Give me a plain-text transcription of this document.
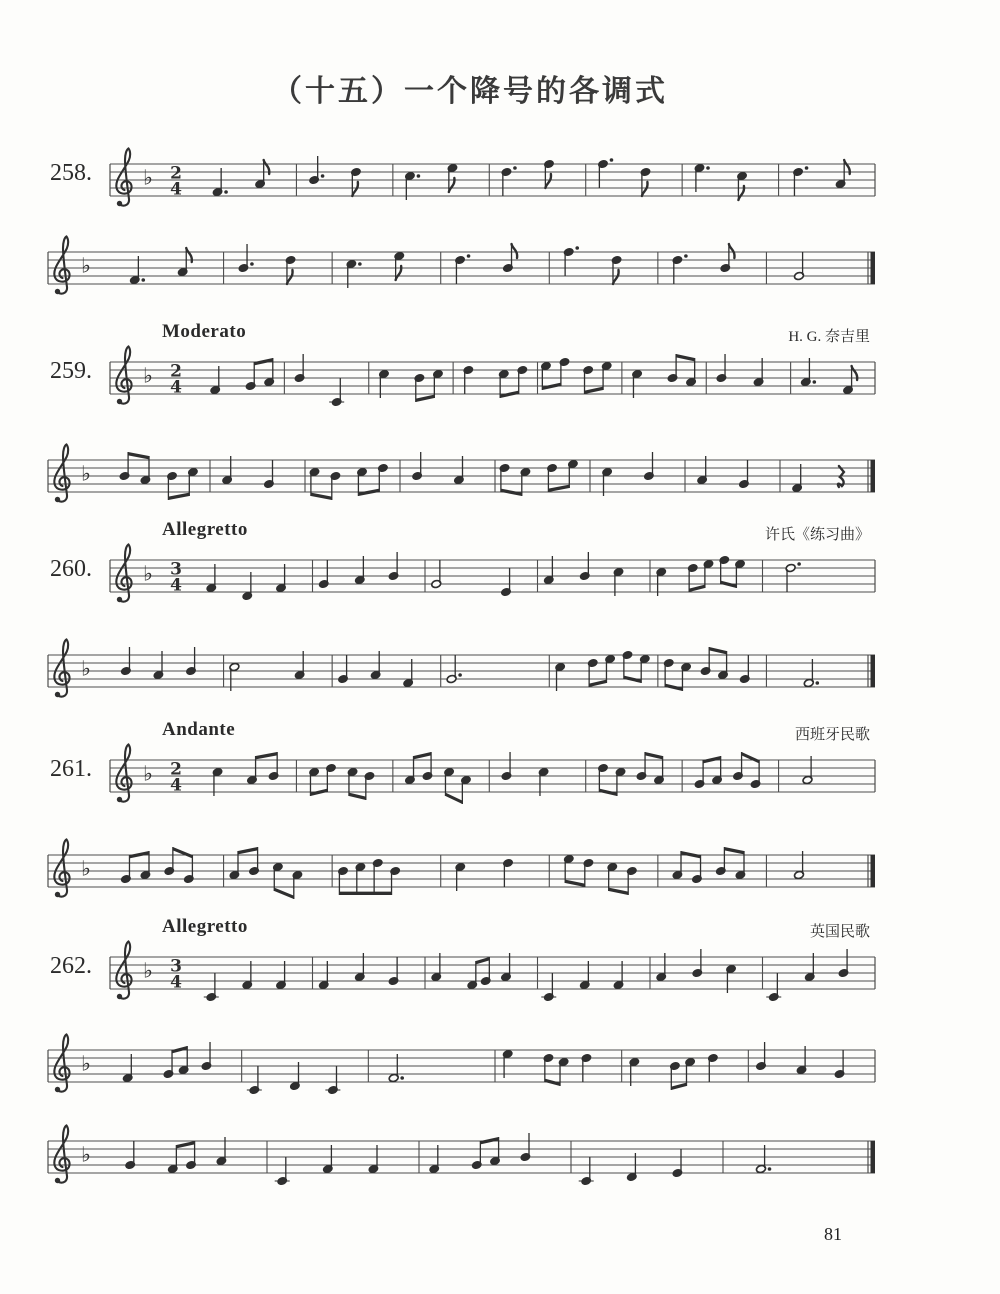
（十五）一个降号的各调式
♭ 2
4
♭
♭ 2
4
♭
♭ 3
4
♭
♭ 2
4
♭
♭ 3
4
♭
♭
258.
259.
Moderato	H. G. 奈吉里
260.
Allegretto	许氏《练习曲》
261.
Andante	西班牙民歌
262.
Allegretto	英国民歌
81
